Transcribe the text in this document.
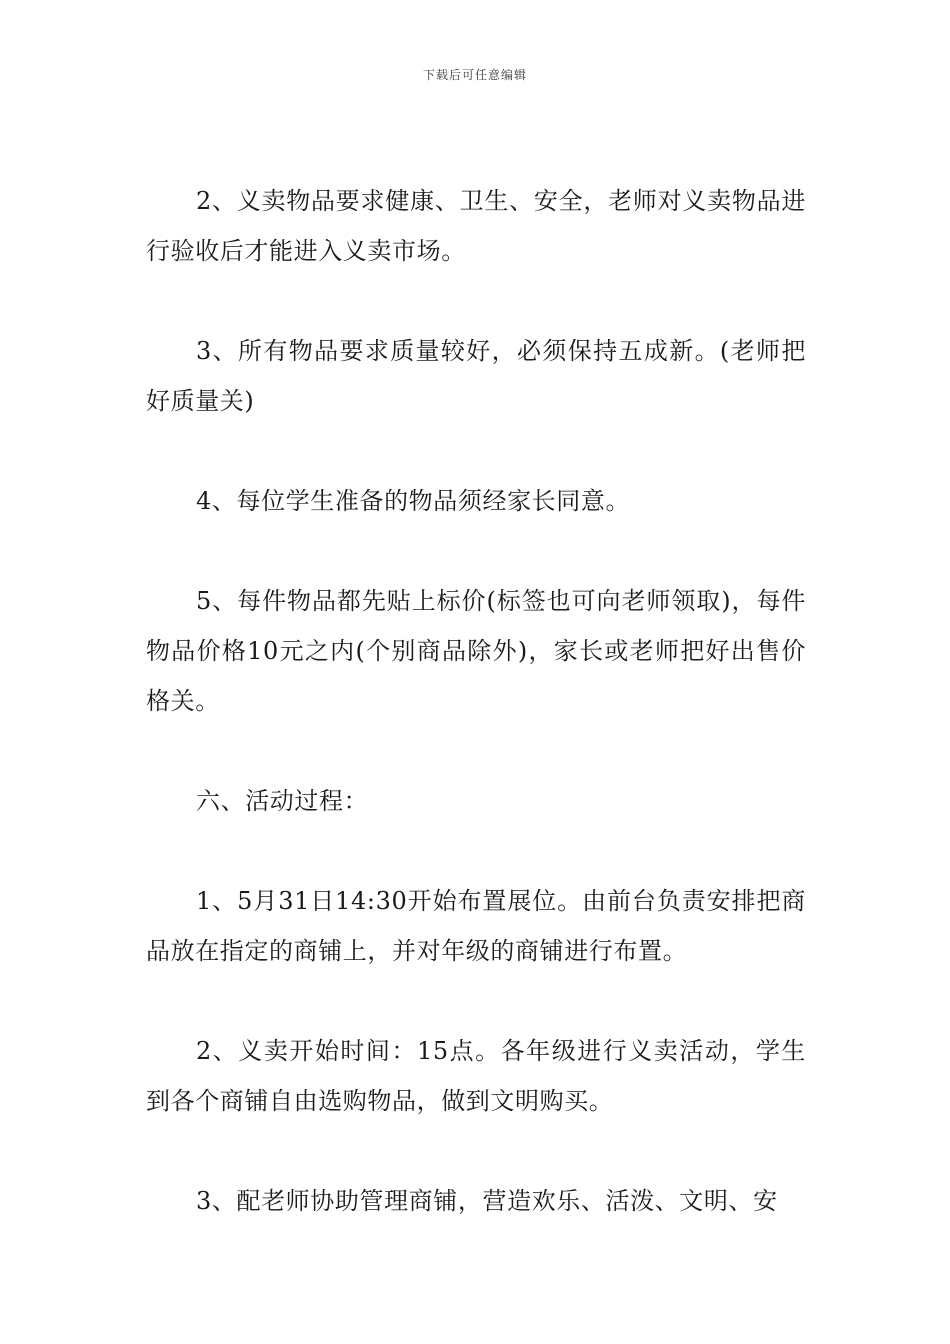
下载后可任意编辑

2、义卖物品要求健康、卫生、安全，老师对义卖物品进行验收后才能进入义卖市场。

3、所有物品要求质量较好，必须保持五成新。(老师把好质量关)

4、每位学生准备的物品须经家长同意。

5、每件物品都先贴上标价(标签也可向老师领取)，每件物品价格10元之内(个别商品除外)，家长或老师把好出售价格关。

六、活动过程：

1、5月31日14:30开始布置展位。由前台负责安排把商品放在指定的商铺上，并对年级的商铺进行布置。

2、义卖开始时间：15点。各年级进行义卖活动，学生到各个商铺自由选购物品，做到文明购买。

3、配老师协助管理商铺，营造欢乐、活泼、文明、安
